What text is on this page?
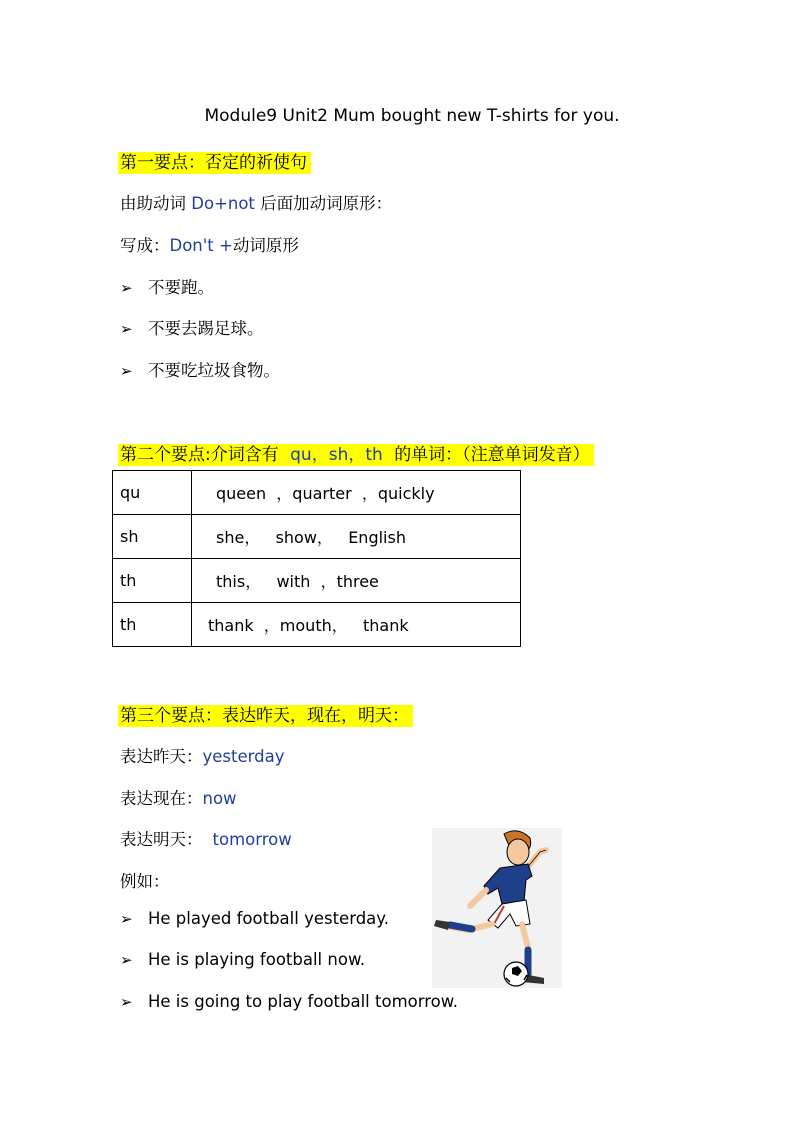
Module9 Unit2 Mum bought new T-shirts for you.
第一要点：否定的祈使句
由助动词 Do+not 后面加动词原形：
写成：Don't +动词原形
➢ 不要跑。
➢ 不要去踢足球。
➢ 不要吃垃圾食物。
第二个要点:介词含有 qu，sh，th 的单词：（注意单词发音）
qu	queen  ，quarter  ，quickly
sh	she，   show，   English
th	this，   with  ，three
th	thank  ，mouth，   thank
第三个要点：表达昨天，现在，明天：
表达昨天：yesterday
表达现在：now
表达明天： tomorrow
例如：
➢ He played football yesterday.
➢ He is playing football now.
➢ He is going to play football tomorrow.
